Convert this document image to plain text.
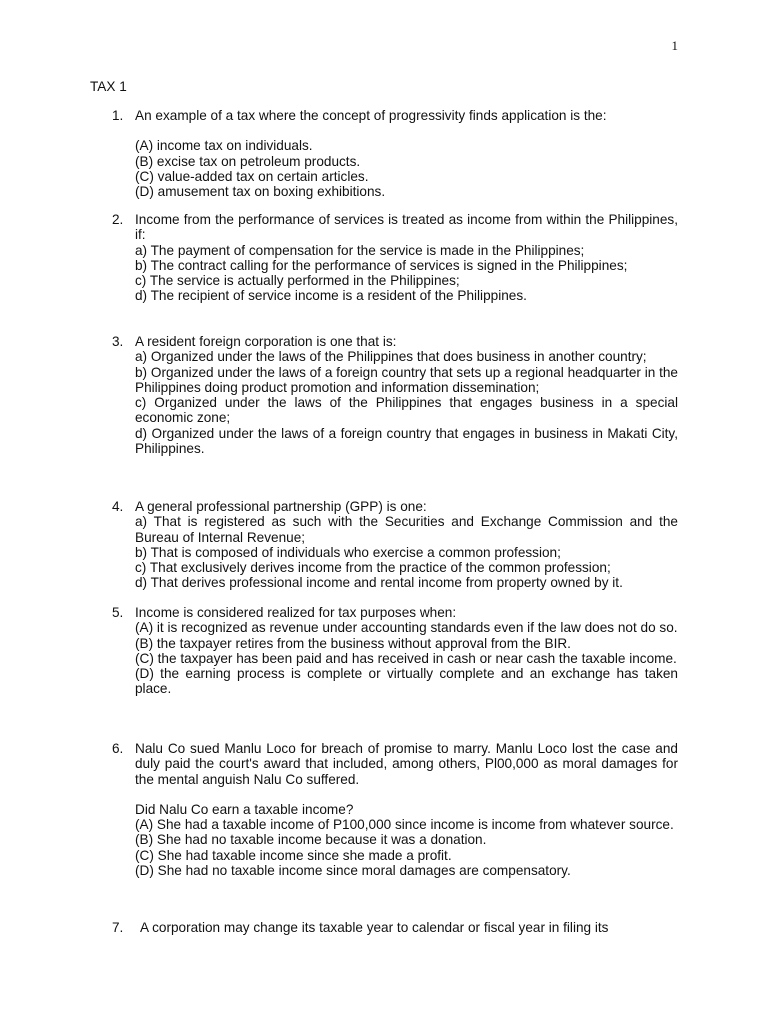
1
TAX 1
1. An example of a tax where the concept of progressivity finds application is the:

(A) income tax on individuals.
(B) excise tax on petroleum products.
(C) value-added tax on certain articles.
(D) amusement tax on boxing exhibitions.
2. Income from the performance of services is treated as income from within the Philippines, if:

a) The payment of compensation for the service is made in the Philippines;
b) The contract calling for the performance of services is signed in the Philippines;
c) The service is actually performed in the Philippines;
d) The recipient of service income is a resident of the Philippines.
3. A resident foreign corporation is one that is:

a) Organized under the laws of the Philippines that does business in another country;
b) Organized under the laws of a foreign country that sets up a regional headquarter in the Philippines doing product promotion and information dissemination;
c) Organized under the laws of the Philippines that engages business in a special economic zone;
d) Organized under the laws of a foreign country that engages in business in Makati City, Philippines.
4. A general professional partnership (GPP) is one:

a) That is registered as such with the Securities and Exchange Commission and the Bureau of Internal Revenue;
b) That is composed of individuals who exercise a common profession;
c) That exclusively derives income from the practice of the common profession;
d) That derives professional income and rental income from property owned by it.
5. Income is considered realized for tax purposes when:

(A) it is recognized as revenue under accounting standards even if the law does not do so.
(B) the taxpayer retires from the business without approval from the BIR.
(C) the taxpayer has been paid and has received in cash or near cash the taxable income.
(D) the earning process is complete or virtually complete and an exchange has taken place.
6. Nalu Co sued Manlu Loco for breach of promise to marry. Manlu Loco lost the case and duly paid the court's award that included, among others, Pl00,000 as moral damages for the mental anguish Nalu Co suffered.

Did Nalu Co earn a taxable income?

(A) She had a taxable income of P100,000 since income is income from whatever source.
(B) She had no taxable income because it was a donation.
(C) She had taxable income since she made a profit.
(D) She had no taxable income since moral damages are compensatory.
7. A corporation may change its taxable year to calendar or fiscal year in filing its
